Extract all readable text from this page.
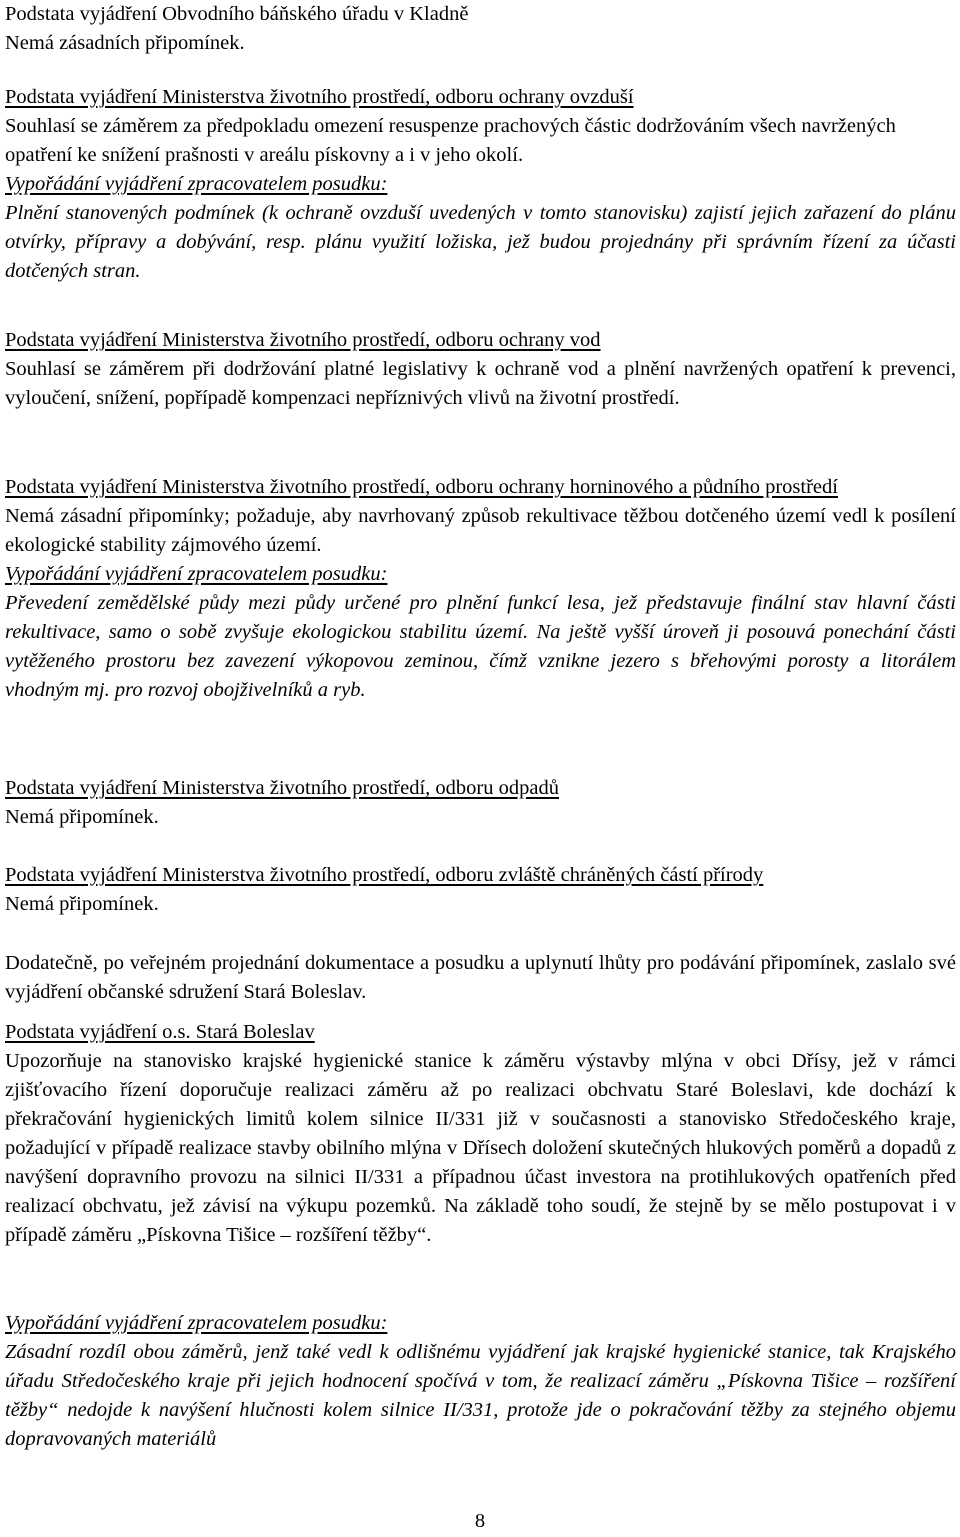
Podstata vyjádření Obvodního báňského úřadu v Kladně

Nemá zásadních připomínek.

Podstata vyjádření Ministerstva životního prostředí, odboru ochrany ovzduší

Souhlasí se záměrem za předpokladu omezení resuspenze prachových částic dodržováním všech navržených opatření ke snížení prašnosti v areálu pískovny a i v jeho okolí.

Vypořádání vyjádření zpracovatelem posudku:

Plnění stanovených podmínek (k ochraně ovzduší uvedených v tomto stanovisku) zajistí jejich zařazení do plánu otvírky, přípravy a dobývání, resp. plánu využití ložiska, jež budou projednány při správním řízení za účasti dotčených stran.

Podstata vyjádření Ministerstva životního prostředí, odboru ochrany vod

Souhlasí se záměrem při dodržování platné legislativy k ochraně vod a plnění navržených opatření k prevenci, vyloučení, snížení, popřípadě kompenzaci nepříznivých vlivů na životní prostředí.

Podstata vyjádření Ministerstva životního prostředí, odboru ochrany horninového a půdního prostředí

Nemá zásadní připomínky; požaduje, aby navrhovaný způsob rekultivace těžbou dotčeného území vedl k posílení ekologické stability zájmového území.

Vypořádání vyjádření zpracovatelem posudku:

Převedení zemědělské půdy mezi půdy určené pro plnění funkcí lesa, jež představuje finální stav hlavní části rekultivace, samo o sobě zvyšuje ekologickou stabilitu území. Na ještě vyšší úroveň ji posouvá ponechání části vytěženého prostoru bez zavezení výkopovou zeminou, čímž vznikne jezero s břehovými porosty a litorálem vhodným mj. pro rozvoj obojživelníků a ryb.

Podstata vyjádření Ministerstva životního prostředí, odboru odpadů

Nemá připomínek.

Podstata vyjádření Ministerstva životního prostředí, odboru zvláště chráněných částí přírody

Nemá připomínek.

Dodatečně, po veřejném projednání dokumentace a posudku a uplynutí lhůty pro podávání připomínek, zaslalo své vyjádření občanské sdružení Stará Boleslav.

Podstata vyjádření o.s. Stará Boleslav

Upozorňuje na stanovisko krajské hygienické stanice k záměru výstavby mlýna v obci Dřísy, jež v rámci zjišťovacího řízení doporučuje realizaci záměru až po realizaci obchvatu Staré Boleslavi, kde dochází k překračování hygienických limitů kolem silnice II/331 již v současnosti a stanovisko Středočeského kraje, požadující v případě realizace stavby obilního mlýna v Dřísech doložení skutečných hlukových poměrů a dopadů z navýšení dopravního provozu na silnici II/331 a případnou účast investora na protihlukových opatřeních před realizací obchvatu, jež závisí na výkupu pozemků. Na základě toho soudí, že stejně by se mělo postupovat i v případě záměru „Pískovna Tišice – rozšíření těžby“.

Vypořádání vyjádření zpracovatelem posudku:

Zásadní rozdíl obou záměrů, jenž také vedl k odlišnému vyjádření jak krajské hygienické stanice, tak Krajského úřadu Středočeského kraje při jejich hodnocení spočívá v tom, že realizací záměru „Pískovna Tišice – rozšíření těžby“ nedojde k navýšení hlučnosti kolem silnice II/331, protože jde o pokračování těžby za stejného objemu dopravovaných materiálů

8
